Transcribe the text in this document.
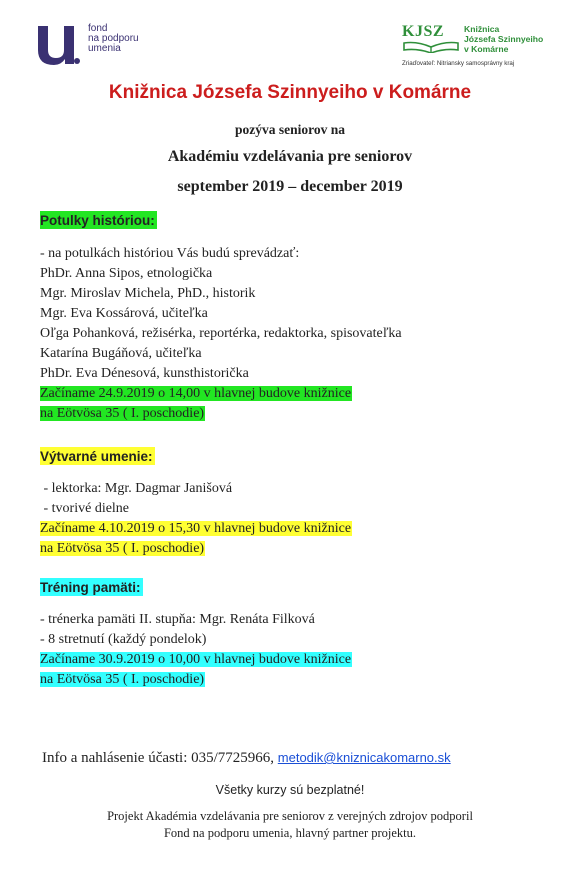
fond
na podporu
umenia
KJSZ	Knižnica
Józsefa Szinnyeiho
v Komárne
Zriaďovateľ: Nitriansky samosprávny kraj
Knižnica Józsefa Szinnyeiho v Komárne
pozýva seniorov na
Akadémiu vzdelávania pre seniorov
september 2019 – december 2019
Potulky históriou:
- na potulkách históriou Vás budú sprevádzať:
PhDr. Anna Sipos, etnologička
Mgr. Miroslav Michela, PhD., historik
Mgr. Eva Kossárová, učiteľka
Oľga Pohanková, režisérka, reportérka, redaktorka, spisovateľka
Katarína Bugáňová, učiteľka
PhDr. Eva Dénesová, kunsthistorička
Začíname 24.9.2019 o 14,00 v hlavnej budove knižnice
na Eötvösa 35 ( I. poschodie)
Výtvarné umenie:
- lektorka: Mgr. Dagmar Janišová
- tvorivé dielne
Začíname 4.10.2019 o 15,30 v hlavnej budove knižnice
na Eötvösa 35 ( I. poschodie)
Tréning pamäti:
- trénerka pamäti II. stupňa: Mgr. Renáta Filková
- 8 stretnutí (každý pondelok)
Začíname 30.9.2019 o 10,00 v hlavnej budove knižnice
na Eötvösa 35 ( I. poschodie)
Info a nahlásenie účasti: 035/7725966, metodik@kniznicakomarno.sk
Všetky kurzy sú bezplatné!
Projekt Akadémia vzdelávania pre seniorov z verejných zdrojov podporil
Fond na podporu umenia, hlavný partner projektu.
